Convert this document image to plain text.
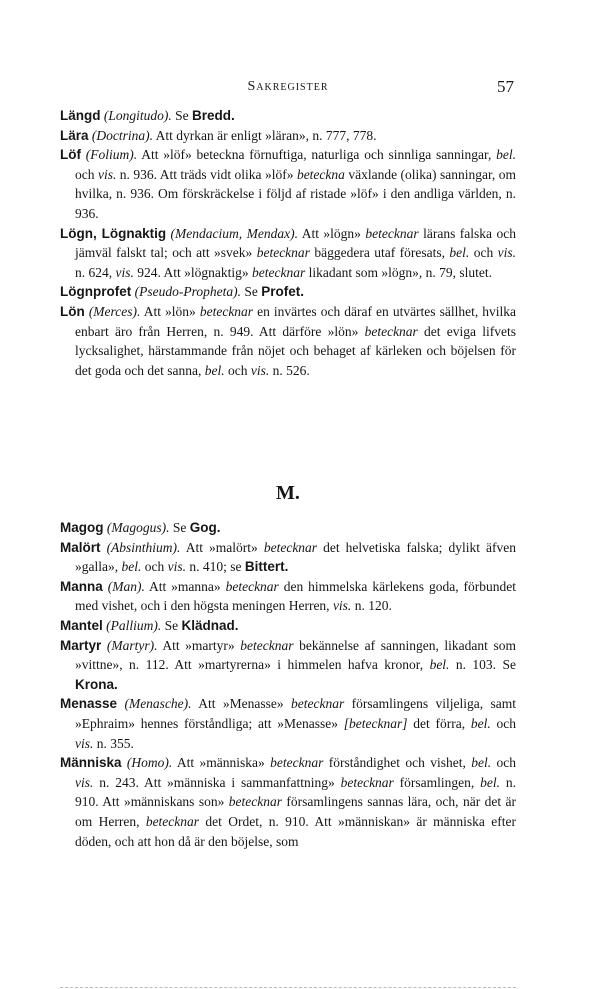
Sakregister	57

Längd (Longitudo). Se Bredd.

Lära (Doctrina). Att dyrkan är enligt »läran», n. 777, 778.

Löf (Folium). Att »löf» beteckna förnuftiga, naturliga och sinnliga sanningar, bel. och vis. n. 936. Att träds vidt olika »löf» beteckna växlande (olika) sanningar, om hvilka, n. 936. Om förskräckelse i följd af ristade »löf» i den andliga världen, n. 936.

Lögn, Lögnaktig (Mendacium, Mendax). Att »lögn» betecknar lärans falska och jämväl falskt tal; och att »svek» betecknar bäggedera utaf föresats, bel. och vis. n. 624, vis. 924. Att »lögnaktig» betecknar likadant som »lögn», n. 79, slutet.

Lögnprofet (Pseudo-Propheta). Se Profet.

Lön (Merces). Att »lön» betecknar en invärtes och däraf en utvärtes sällhet, hvilka enbart äro från Herren, n. 949. Att därföre »lön» betecknar det eviga lifvets lycksalighet, härstammande från nöjet och behaget af kärleken och böjelsen för det goda och det sanna, bel. och vis. n. 526.

M.

Magog (Magogus). Se Gog.

Malört (Absinthium). Att »malört» betecknar det helvetiska falska; dylikt äfven »galla», bel. och vis. n. 410; se Bittert.

Manna (Man). Att »manna» betecknar den himmelska kärlekens goda, förbundet med vishet, och i den högsta meningen Herren, vis. n. 120.

Mantel (Pallium). Se Klädnad.

Martyr (Martyr). Att »martyr» betecknar bekännelse af sanningen, likadant som »vittne», n. 112. Att »martyrerna» i himmelen hafva kronor, bel. n. 103. Se Krona.

Menasse (Menasche). Att »Menasse» betecknar församlingens viljeliga, samt »Ephraim» hennes förståndliga; att »Menasse» [betecknar] det förra, bel. och vis. n. 355.

Människa (Homo). Att »människa» betecknar förståndighet och vishet, bel. och vis. n. 243. Att »människa i sammanfattning» betecknar församlingen, bel. n. 910. Att »människans son» betecknar församlingens sannas lära, och, när det är om Herren, betecknar det Ordet, n. 910. Att »människan» är människa efter döden, och att hon då är den böjelse, som
